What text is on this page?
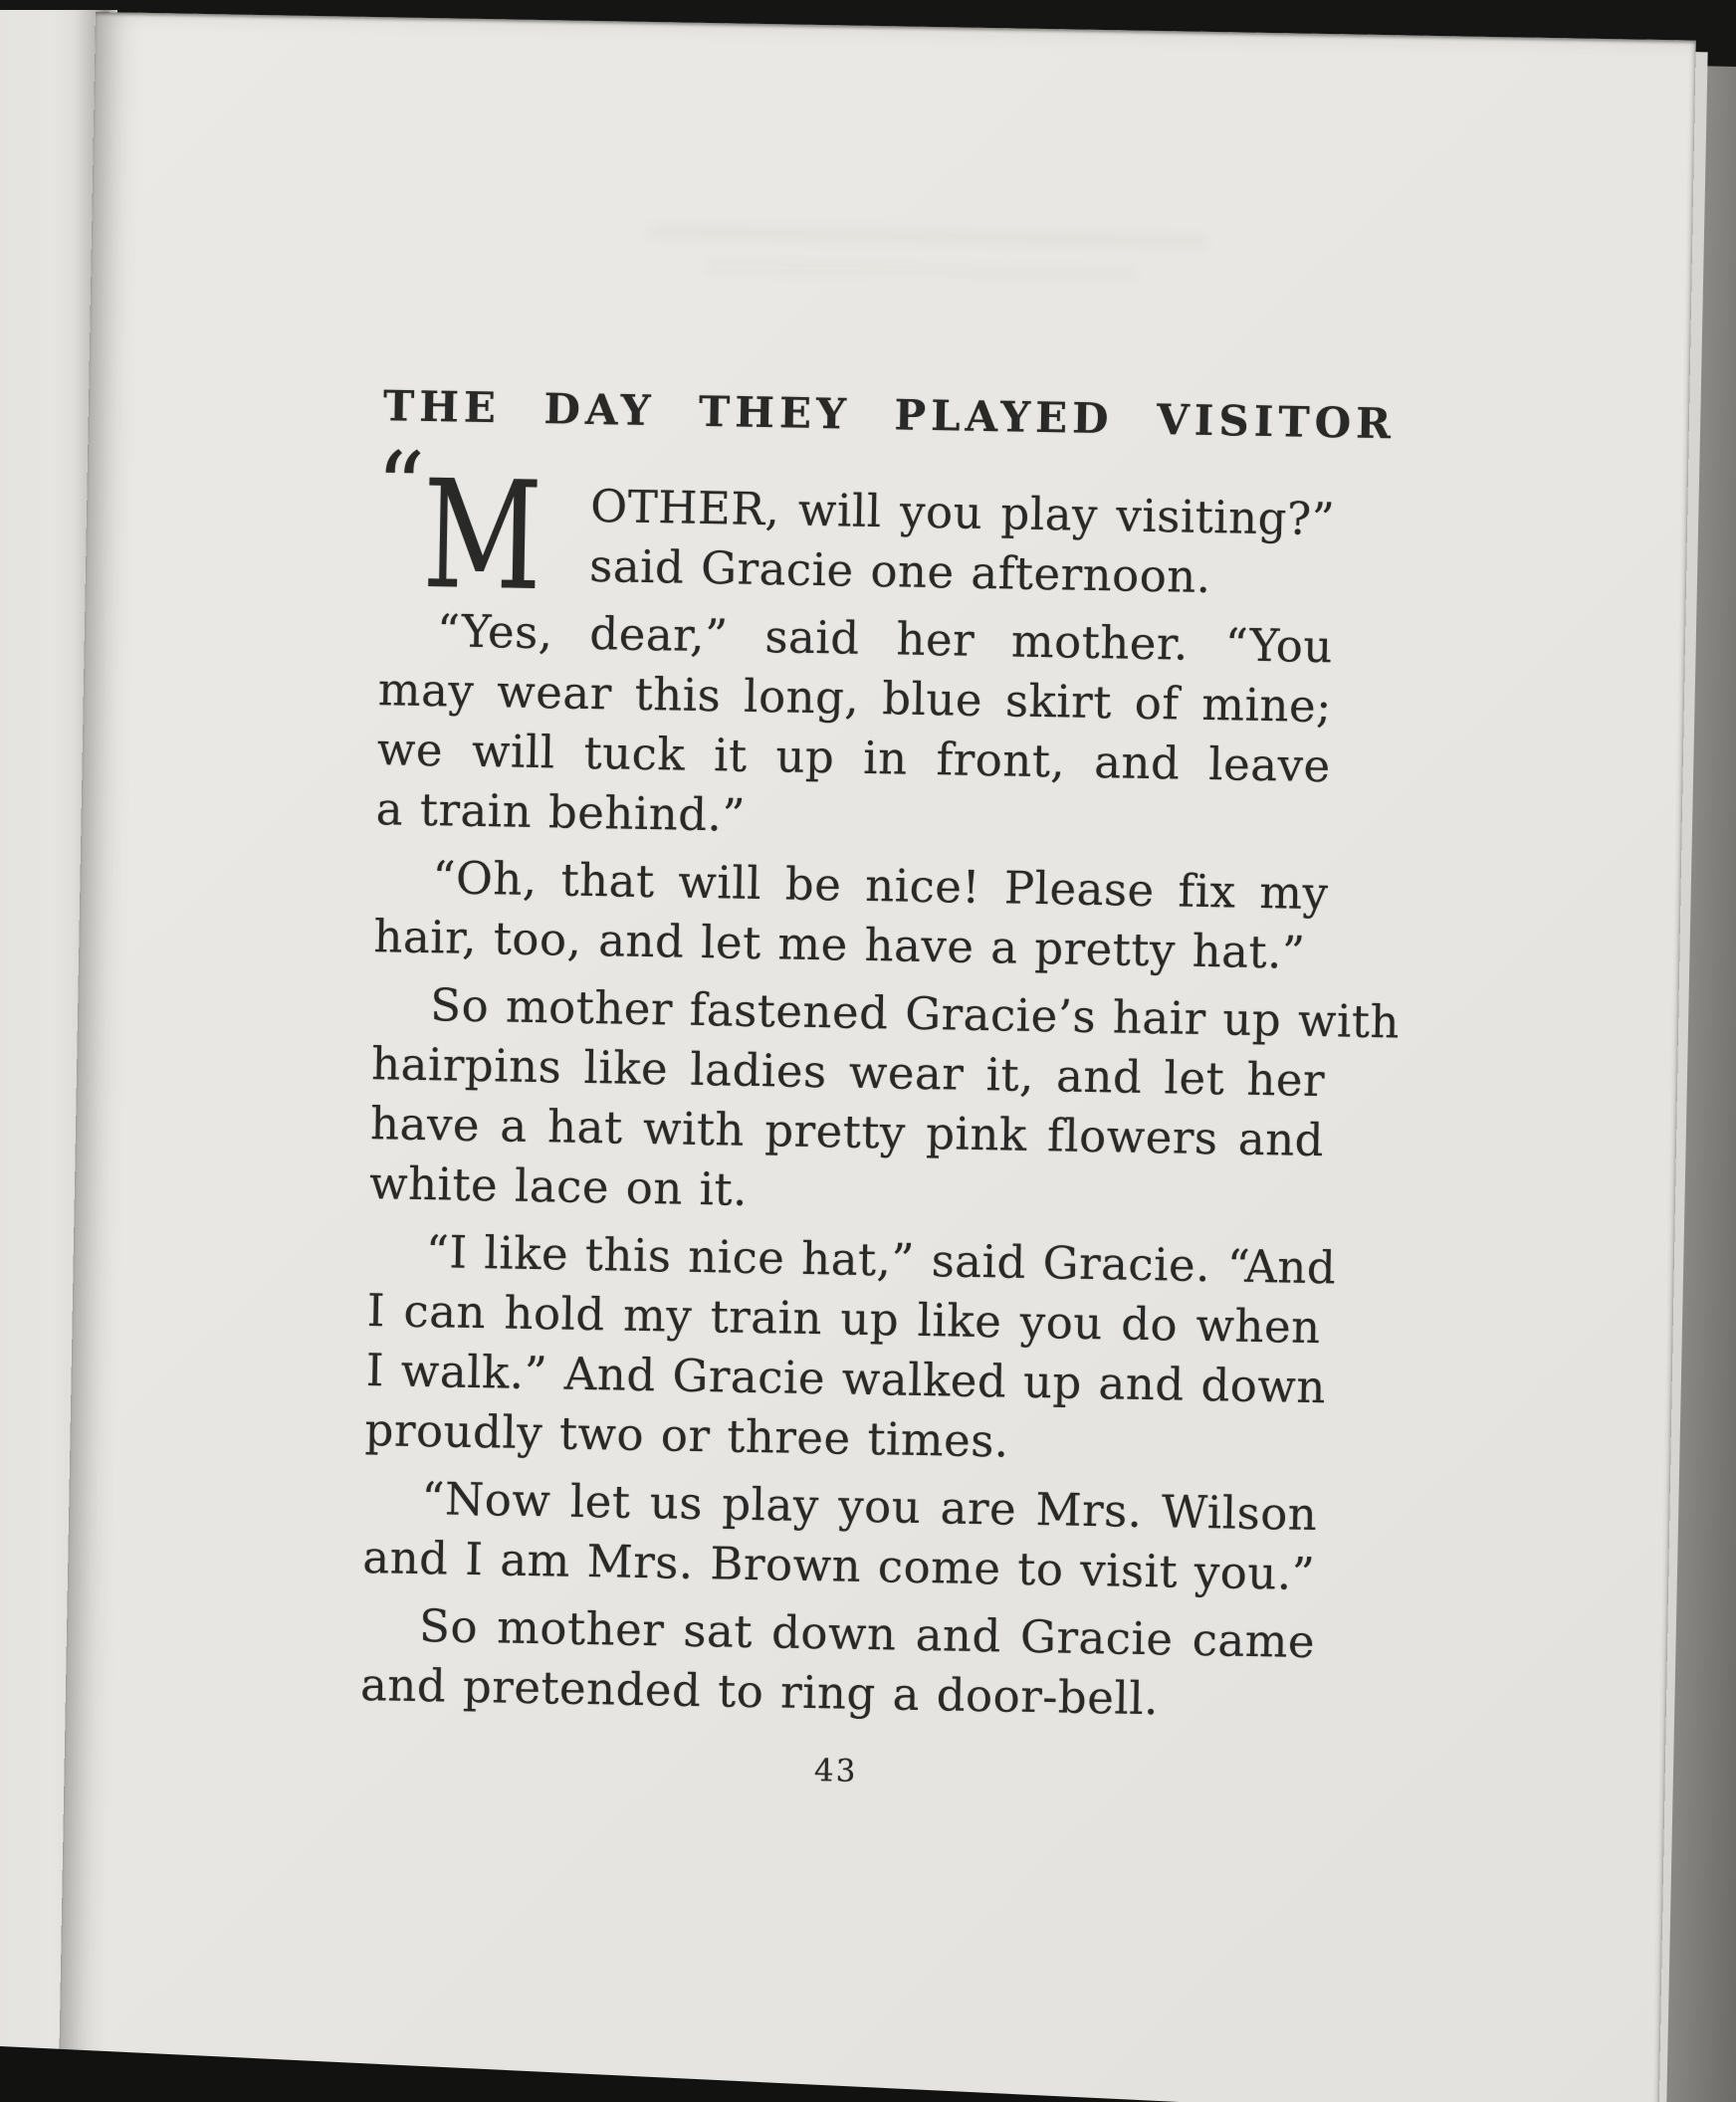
THE DAY THEY PLAYED VISITOR

“ M	OTHER, will you play visiting?”
said Gracie one afternoon.

“Yes, dear,” said her mother. “You
may wear this long, blue skirt of mine;
we will tuck it up in front, and leave
a train behind.”

“Oh, that will be nice! Please fix my
hair, too, and let me have a pretty hat.”

So mother fastened Gracie’s hair up with
hairpins like ladies wear it, and let her
have a hat with pretty pink flowers and
white lace on it.

“I like this nice hat,” said Gracie. “And
I can hold my train up like you do when
I walk.” And Gracie walked up and down
proudly two or three times.

“Now let us play you are Mrs. Wilson
and I am Mrs. Brown come to visit you.”

So mother sat down and Gracie came
and pretended to ring a door-bell.

43
